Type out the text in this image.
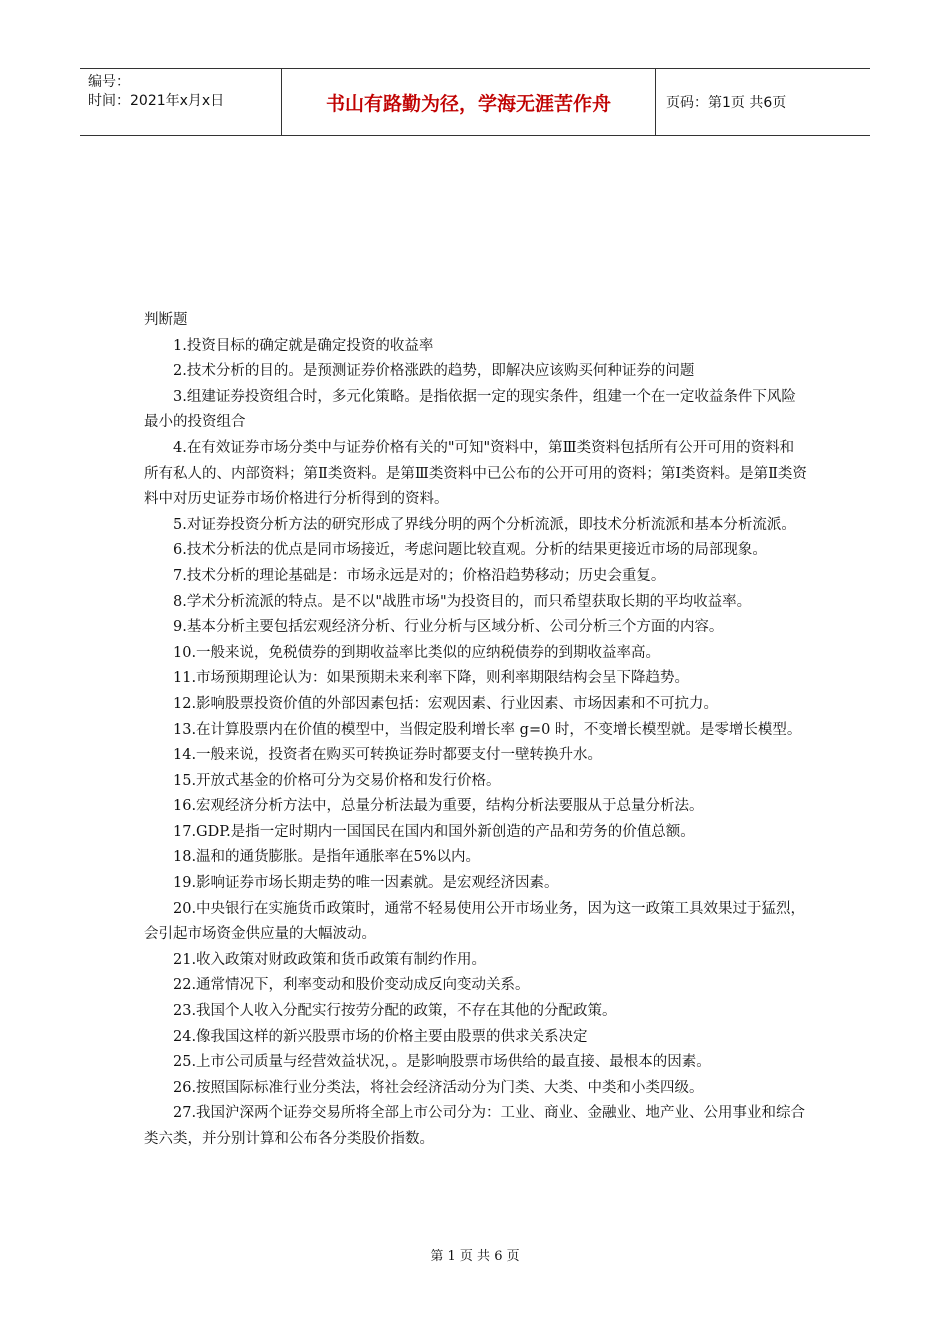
编号：
时间：2021年x月x日	书山有路勤为径，学海无涯苦作舟	页码：第1页 共6页

判断题

1.投资目标的确定就是确定投资的收益率

2.技术分析的目的。是预测证券价格涨跌的趋势，即解决应该购买何种证券的问题

3.组建证券投资组合时，多元化策略。是指依据一定的现实条件，组建一个在一定收益条件下风险最小的投资组合

4.在有效证券市场分类中与证券价格有关的"可知"资料中，第Ⅲ类资料包括所有公开可用的资料和所有私人的、内部资料；第Ⅱ类资料。是第Ⅲ类资料中已公布的公开可用的资料；第Ⅰ类资料。是第Ⅱ类资料中对历史证券市场价格进行分析得到的资料。

5.对证券投资分析方法的研究形成了界线分明的两个分析流派，即技术分析流派和基本分析流派。

6.技术分析法的优点是同市场接近，考虑问题比较直观。分析的结果更接近市场的局部现象。

7.技术分析的理论基础是：市场永远是对的；价格沿趋势移动；历史会重复。

8.学术分析流派的特点。是不以"战胜市场"为投资目的，而只希望获取长期的平均收益率。

9.基本分析主要包括宏观经济分析、行业分析与区域分析、公司分析三个方面的内容。

10.一般来说，免税债券的到期收益率比类似的应纳税债券的到期收益率高。

11.市场预期理论认为：如果预期未来利率下降，则利率期限结构会呈下降趋势。

12.影响股票投资价值的外部因素包括：宏观因素、行业因素、市场因素和不可抗力。

13.在计算股票内在价值的模型中，当假定股利增长率 g=0 时，不变增长模型就。是零增长模型。

14.一般来说，投资者在购买可转换证券时都要支付一壁转换升水。

15.开放式基金的价格可分为交易价格和发行价格。

16.宏观经济分析方法中，总量分析法最为重要，结构分析法要服从于总量分析法。

17.GDP.是指一定时期内一国国民在国内和国外新创造的产品和劳务的价值总额。

18.温和的通货膨胀。是指年通胀率在5%以内。

19.影响证券市场长期走势的唯一因素就。是宏观经济因素。

20.中央银行在实施货币政策时，通常不轻易使用公开市场业务，因为这一政策工具效果过于猛烈，会引起市场资金供应量的大幅波动。

21.收入政策对财政政策和货币政策有制约作用。

22.通常情况下，利率变动和股价变动成反向变动关系。

23.我国个人收入分配实行按劳分配的政策，不存在其他的分配政策。

24.像我国这样的新兴股票市场的价格主要由股票的供求关系决定

25.上市公司质量与经营效益状况，。是影响股票市场供给的最直接、最根本的因素。

26.按照国际标准行业分类法，将社会经济活动分为门类、大类、中类和小类四级。

27.我国沪深两个证券交易所将全部上市公司分为：工业、商业、金融业、地产业、公用事业和综合类六类，并分别计算和公布各分类股价指数。

第 1 页 共 6 页
